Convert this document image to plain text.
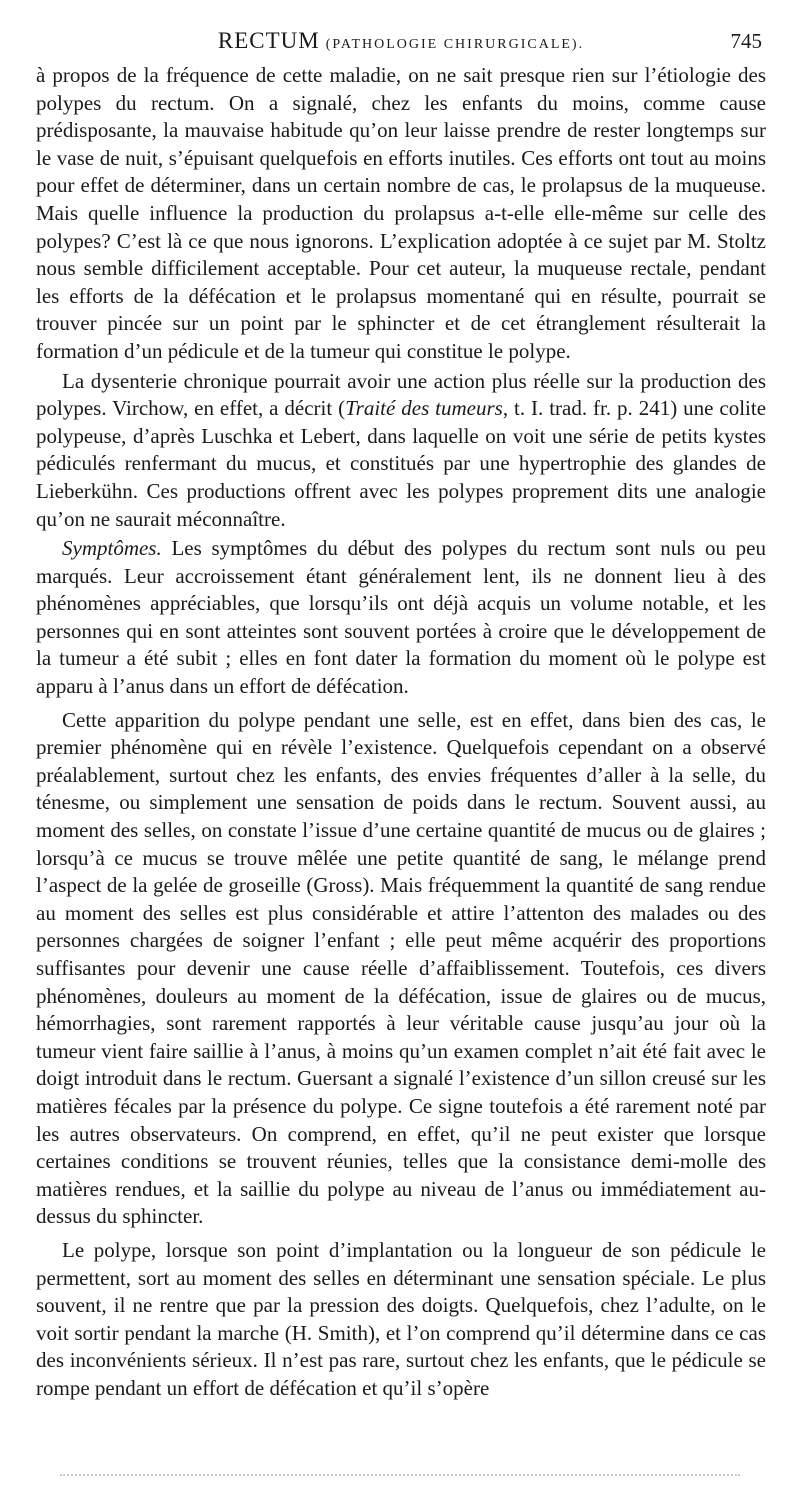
RECTUM (PATHOLOGIE CHIRURGICALE).	745

à propos de la fréquence de cette maladie, on ne sait presque rien sur l’étiologie des polypes du rectum. On a signalé, chez les enfants du moins, comme cause prédisposante, la mauvaise habitude qu’on leur laisse prendre de rester longtemps sur le vase de nuit, s’épuisant quelquefois en efforts inutiles. Ces efforts ont tout au moins pour effet de déterminer, dans un certain nombre de cas, le prolapsus de la muqueuse. Mais quelle influence la production du prolapsus a-t-elle elle-même sur celle des polypes? C’est là ce que nous ignorons. L’explication adoptée à ce sujet par M. Stoltz nous semble difficilement acceptable. Pour cet auteur, la muqueuse rectale, pendant les efforts de la défécation et le prolapsus momentané qui en résulte, pourrait se trouver pincée sur un point par le sphincter et de cet étranglement résulterait la formation d’un pédicule et de la tumeur qui constitue le polype.

La dysenterie chronique pourrait avoir une action plus réelle sur la production des polypes. Virchow, en effet, a décrit (Traité des tumeurs, t. I. trad. fr. p. 241) une colite polypeuse, d’après Luschka et Lebert, dans laquelle on voit une série de petits kystes pédiculés renfermant du mucus, et constitués par une hypertrophie des glandes de Lieberkühn. Ces productions offrent avec les polypes proprement dits une analogie qu’on ne saurait méconnaître.

Symptômes. Les symptômes du début des polypes du rectum sont nuls ou peu marqués. Leur accroissement étant généralement lent, ils ne donnent lieu à des phénomènes appréciables, que lorsqu’ils ont déjà acquis un volume notable, et les personnes qui en sont atteintes sont souvent portées à croire que le développement de la tumeur a été subit ; elles en font dater la formation du moment où le polype est apparu à l’anus dans un effort de défécation.

Cette apparition du polype pendant une selle, est en effet, dans bien des cas, le premier phénomène qui en révèle l’existence. Quelquefois cependant on a observé préalablement, surtout chez les enfants, des envies fréquentes d’aller à la selle, du ténesme, ou simplement une sensation de poids dans le rectum. Souvent aussi, au moment des selles, on constate l’issue d’une certaine quantité de mucus ou de glaires ; lorsqu’à ce mucus se trouve mêlée une petite quantité de sang, le mélange prend l’aspect de la gelée de groseille (Gross). Mais fréquemment la quantité de sang rendue au moment des selles est plus considérable et attire l’attenton des malades ou des personnes chargées de soigner l’enfant ; elle peut même acquérir des proportions suffisantes pour devenir une cause réelle d’affaiblissement. Toutefois, ces divers phénomènes, douleurs au moment de la défécation, issue de glaires ou de mucus, hémorrhagies, sont rarement rapportés à leur véritable cause jusqu’au jour où la tumeur vient faire saillie à l’anus, à moins qu’un examen complet n’ait été fait avec le doigt introduit dans le rectum. Guersant a signalé l’existence d’un sillon creusé sur les matières fécales par la présence du polype. Ce signe toutefois a été rarement noté par les autres observateurs. On comprend, en effet, qu’il ne peut exister que lorsque certaines conditions se trouvent réunies, telles que la consistance demi-molle des matières rendues, et la saillie du polype au niveau de l’anus ou immédiatement au-dessus du sphincter.

Le polype, lorsque son point d’implantation ou la longueur de son pédicule le permettent, sort au moment des selles en déterminant une sensation spéciale. Le plus souvent, il ne rentre que par la pression des doigts. Quelquefois, chez l’adulte, on le voit sortir pendant la marche (H. Smith), et l’on comprend qu’il détermine dans ce cas des inconvénients sérieux. Il n’est pas rare, surtout chez les enfants, que le pédicule se rompe pendant un effort de défécation et qu’il s’opère
